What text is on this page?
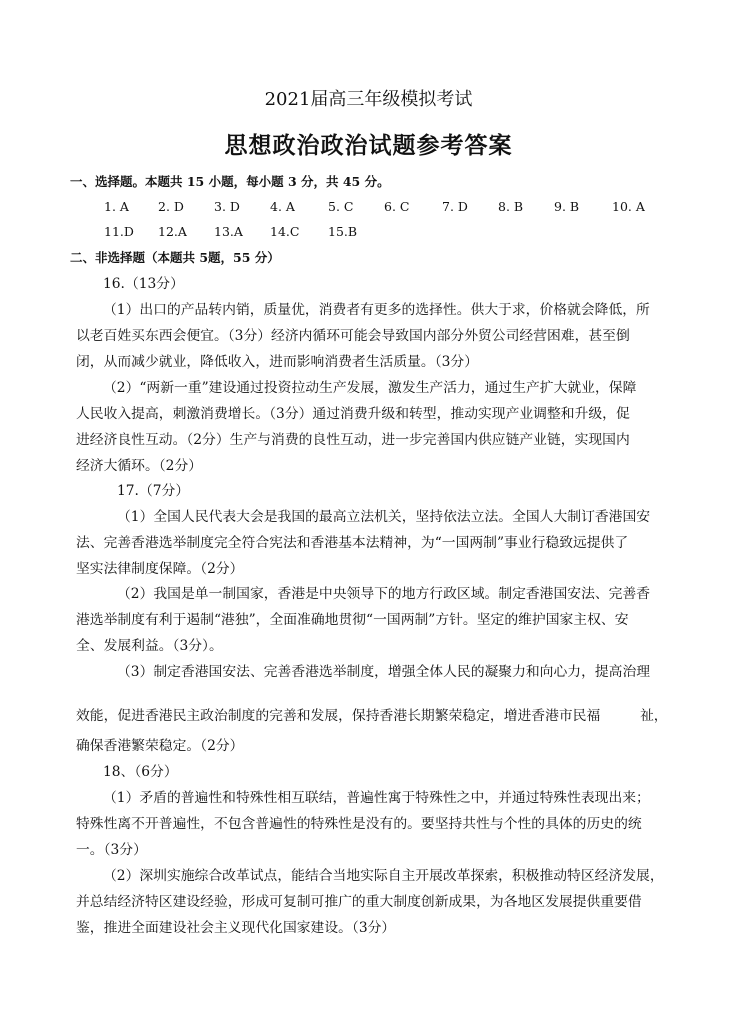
2021届高三年级模拟考试
思想政治政治试题参考答案
一、选择题。本题共 15 小题，每小题 3 分，共 45 分。
1. A 2. D 3. D 4. A	5. C 6. C	7. D 8. B 9. B	10. A
11.D 12.A 13.A 14.C 15.B
二、非选择题（本题共 5题，55 分）
16.（13分）
（1）出口的产品转内销，质量优，消费者有更多的选择性。供大于求，价格就会降低，所
以老百姓买东西会便宜。（3分）经济内循环可能会导致国内部分外贸公司经营困难，甚至倒
闭，从而减少就业，降低收入，进而影响消费者生活质量。（3分）
（2）“两新一重”建设通过投资拉动生产发展，激发生产活力，通过生产扩大就业，保障
人民收入提高，刺激消费增长。（3分）通过消费升级和转型，推动实现产业调整和升级，促
进经济良性互动。（2分）生产与消费的良性互动，进一步完善国内供应链产业链，实现国内
经济大循环。（2分）
17.（7分）
（1）全国人民代表大会是我国的最高立法机关，坚持依法立法。全国人大制订香港国安
法、完善香港选举制度完全符合宪法和香港基本法精神，为“一国两制”事业行稳致远提供了
坚实法律制度保障。（2分）
（2）我国是单一制国家，香港是中央领导下的地方行政区域。制定香港国安法、完善香
港选举制度有利于遏制“港独”，全面准确地贯彻“一国两制”方针。坚定的维护国家主权、安
全、发展利益。（3分）。
（3）制定香港国安法、完善香港选举制度，增强全体人民的凝聚力和向心力，提高治理
效能，促进香港民主政治制度的完善和发展，保持香港长期繁荣稳定，增进香港市民福	祉，
确保香港繁荣稳定。（2分）
18、（6分）
（1）矛盾的普遍性和特殊性相互联结，普遍性寓于特殊性之中，并通过特殊性表现出来；
特殊性离不开普遍性，不包含普遍性的特殊性是没有的。要坚持共性与个性的具体的历史的统
一。（3分）
（2）深圳实施综合改革试点，能结合当地实际自主开展改革探索，积极推动特区经济发展，
并总结经济特区建设经验，形成可复制可推广的重大制度创新成果，为各地区发展提供重要借
鉴，推进全面建设社会主义现代化国家建设。（3分）
